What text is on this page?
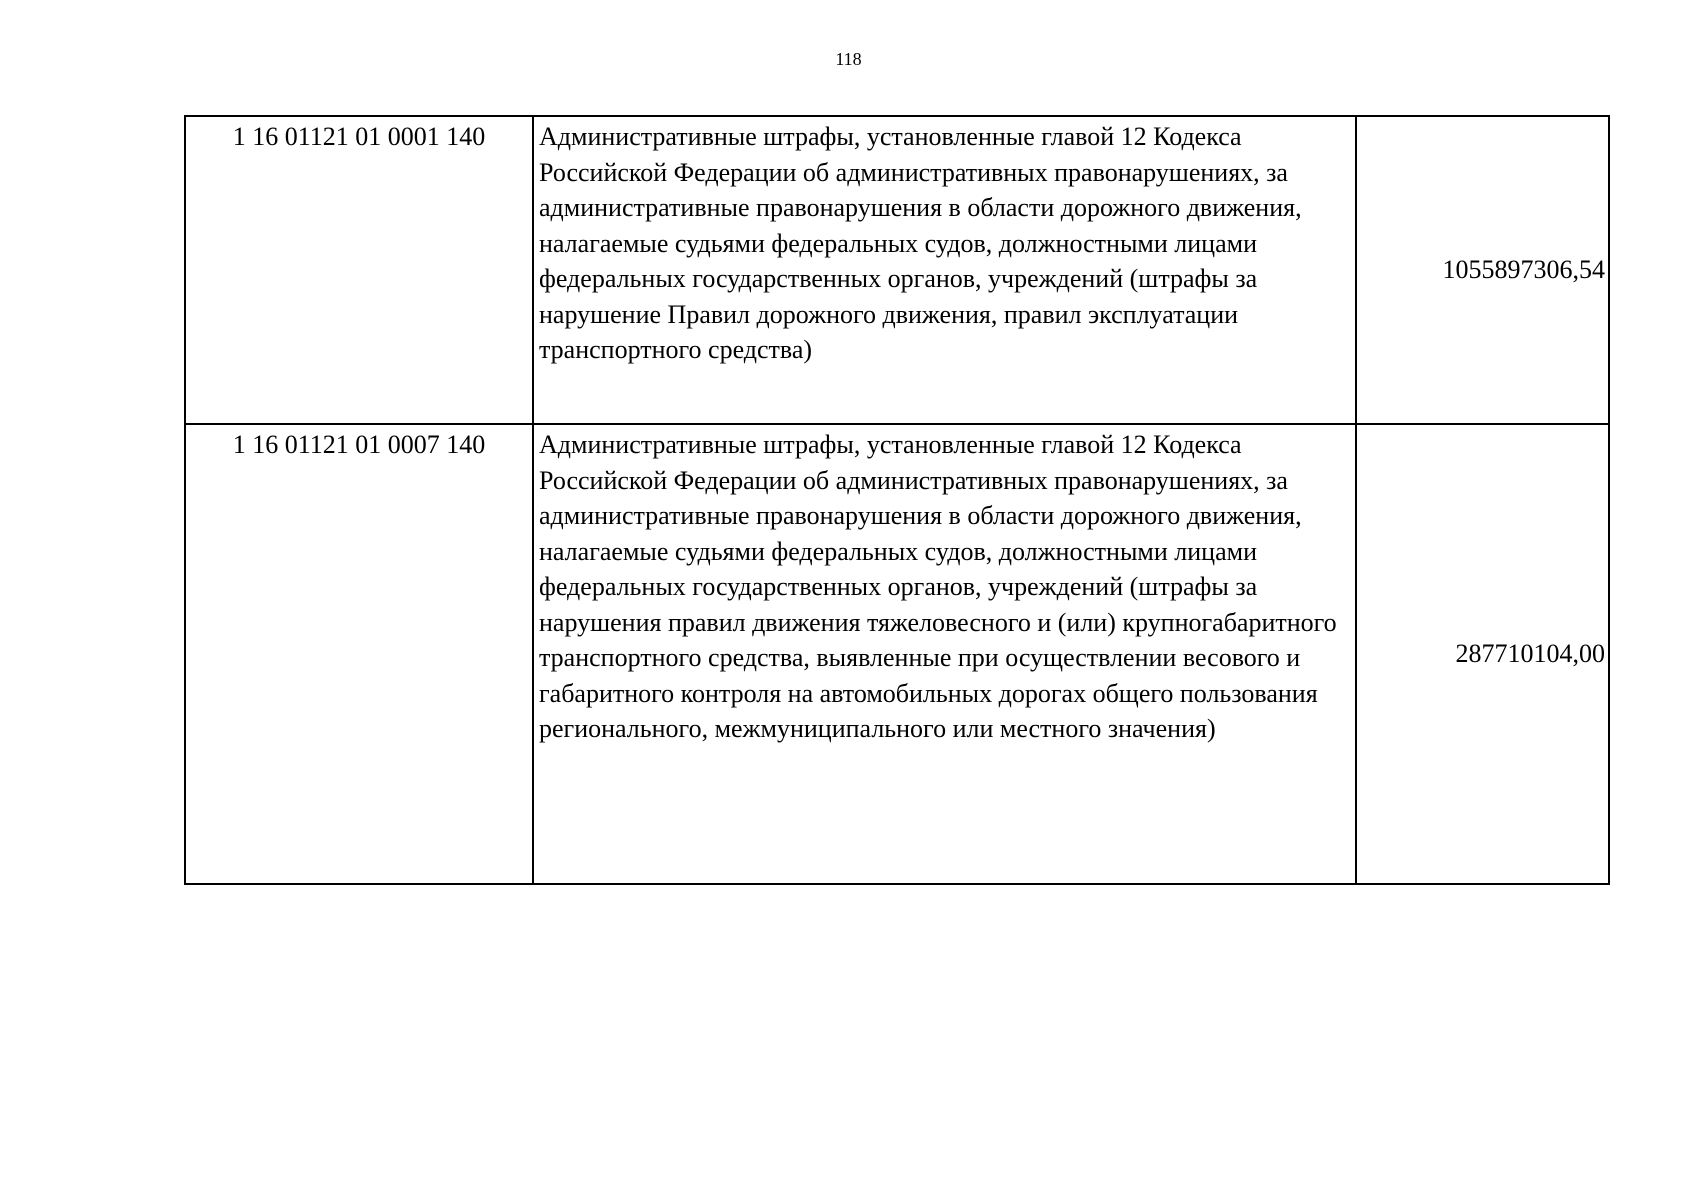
118
1 16 01121 01 0001 140	Административные штрафы, установленные главой 12 Кодекса Российской Федерации об административных правонарушениях, за административные правонарушения в области дорожного движения, налагаемые судьями федеральных судов, должностными лицами федеральных государственных органов, учреждений (штрафы за нарушение Правил дорожного движения, правил эксплуатации транспортного средства)	1055897306,54
1 16 01121 01 0007 140	Административные штрафы, установленные главой 12 Кодекса Российской Федерации об административных правонарушениях, за административные правонарушения в области дорожного движения, налагаемые судьями федеральных судов, должностными лицами федеральных государственных органов, учреждений (штрафы за нарушения правил движения тяжеловесного и (или) крупногабаритного транспортного средства, выявленные при осуществлении весового и габаритного контроля на автомобильных дорогах общего пользования регионального, межмуниципального или местного значения)	287710104,00
